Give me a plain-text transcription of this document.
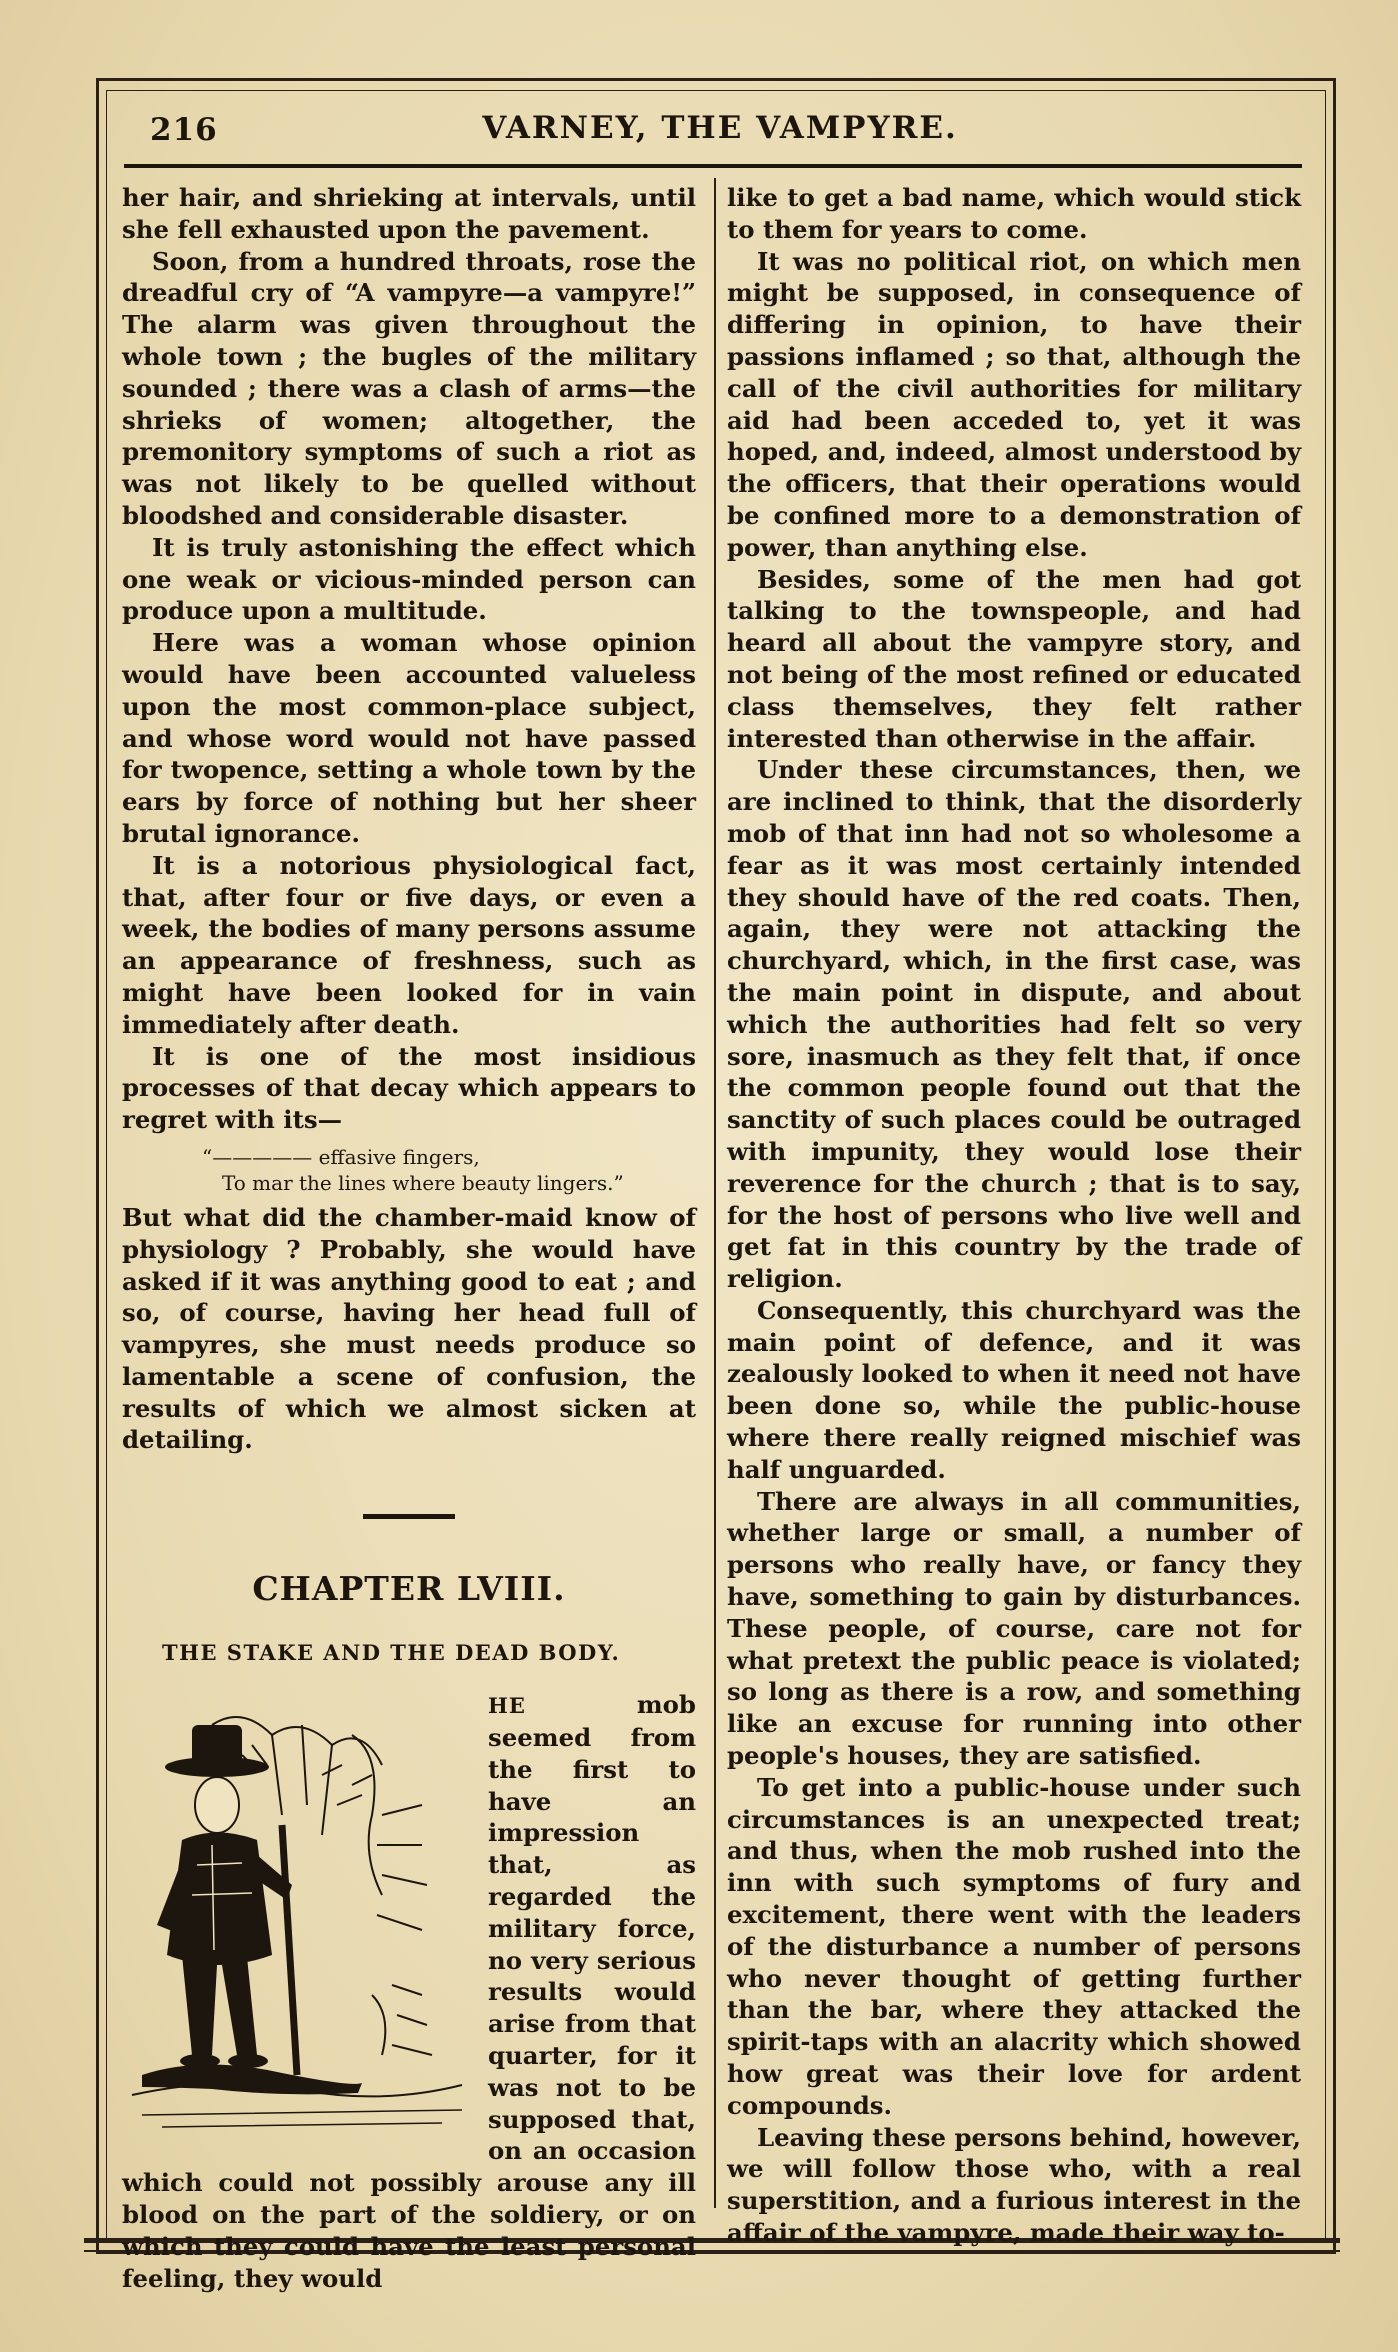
216	VARNEY, THE VAMPYRE.

her hair, and shrieking at intervals, until she fell exhausted upon the pavement.

Soon, from a hundred throats, rose the dreadful cry of “A vampyre—a vampyre!” The alarm was given throughout the whole town ; the bugles of the military sounded ; there was a clash of arms—the shrieks of women; altogether, the premonitory symptoms of such a riot as was not likely to be quelled without bloodshed and considerable disaster.

It is truly astonishing the effect which one weak or vicious-minded person can produce upon a multitude.

Here was a woman whose opinion would have been accounted valueless upon the most common-place subject, and whose word would not have passed for twopence, setting a whole town by the ears by force of nothing but her sheer brutal ignorance.

It is a notorious physiological fact, that, after four or five days, or even a week, the bodies of many persons assume an appearance of freshness, such as might have been looked for in vain immediately after death.

It is one of the most insidious processes of that decay which appears to regret with its—

“————— effasive fingers,
To mar the lines where beauty lingers.”

But what did the chamber-maid know of physiology ? Probably, she would have asked if it was anything good to eat ; and so, of course, having her head full of vampyres, she must needs produce so lamentable a scene of confusion, the results of which we almost sicken at detailing.

CHAPTER LVIII.
THE STAKE AND THE DEAD BODY.

HE	mob seemed from the first to have an impression that, as regarded the military force, no very serious results would arise from that quarter, for it was not to be supposed that, on an occasion which could not possibly arouse any ill blood on the part of the soldiery, or on which they could have the least personal feeling, they would

like to get a bad name, which would stick to them for years to come.

It was no political riot, on which men might be supposed, in consequence of differing in opinion, to have their passions inflamed ; so that, although the call of the civil authorities for military aid had been acceded to, yet it was hoped, and, indeed, almost understood by the officers, that their operations would be confined more to a demonstration of power, than anything else.

Besides, some of the men had got talking to the townspeople, and had heard all about the vampyre story, and not being of the most refined or educated class themselves, they felt rather interested than otherwise in the affair.

Under these circumstances, then, we are inclined to think, that the disorderly mob of that inn had not so wholesome a fear as it was most certainly intended they should have of the red coats. Then, again, they were not attacking the churchyard, which, in the first case, was the main point in dispute, and about which the authorities had felt so very sore, inasmuch as they felt that, if once the common people found out that the sanctity of such places could be outraged with impunity, they would lose their reverence for the church ; that is to say, for the host of persons who live well and get fat in this country by the trade of religion.

Consequently, this churchyard was the main point of defence, and it was zealously looked to when it need not have been done so, while the public-house where there really reigned mischief was half unguarded.

There are always in all communities, whether large or small, a number of persons who really have, or fancy they have, something to gain by disturbances. These people, of course, care not for what pretext the public peace is violated; so long as there is a row, and something like an excuse for running into other people's houses, they are satisfied.

To get into a public-house under such circumstances is an unexpected treat; and thus, when the mob rushed into the inn with such symptoms of fury and excitement, there went with the leaders of the disturbance a number of persons who never thought of getting further than the bar, where they attacked the spirit-taps with an alacrity which showed how great was their love for ardent compounds.

Leaving these persons behind, however, we will follow those who, with a real superstition, and a furious interest in the affair of the vampyre, made their way to-
